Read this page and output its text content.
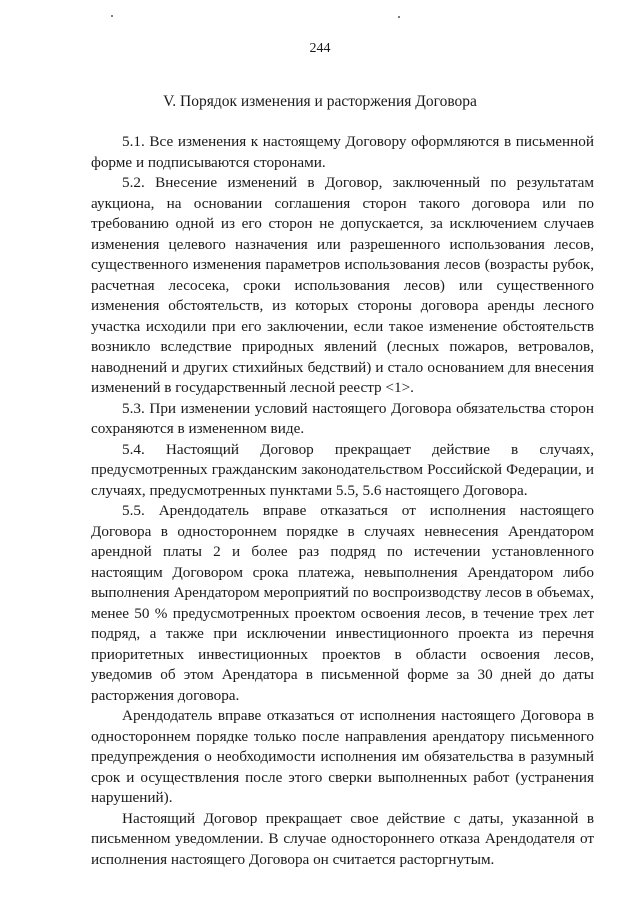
244
V. Порядок изменения и расторжения Договора

5.1. Все изменения к настоящему Договору оформляются в письменной форме и подписываются сторонами.

5.2. Внесение изменений в Договор, заключенный по результатам аукциона, на основании соглашения сторон такого договора или по требованию одной из его сторон не допускается, за исключением случаев изменения целевого назначения или разрешенного использования лесов, существенного изменения параметров использования лесов (возрасты рубок, расчетная лесосека, сроки использования лесов) или существенного изменения обстоятельств, из которых стороны договора аренды лесного участка исходили при его заключении, если такое изменение обстоятельств возникло вследствие природных явлений (лесных пожаров, ветровалов, наводнений и других стихийных бедствий) и стало основанием для внесения изменений в государственный лесной реестр <1>.

5.3. При изменении условий настоящего Договора обязательства сторон сохраняются в измененном виде.

5.4. Настоящий Договор прекращает действие в случаях, предусмотренных гражданским законодательством Российской Федерации, и случаях, предусмотренных пунктами 5.5, 5.6 настоящего Договора.

5.5. Арендодатель вправе отказаться от исполнения настоящего Договора в одностороннем порядке в случаях невнесения Арендатором арендной платы 2 и более раз подряд по истечении установленного настоящим Договором срока платежа, невыполнения Арендатором либо выполнения Арендатором мероприятий по воспроизводству лесов в объемах, менее 50 % предусмотренных проектом освоения лесов, в течение трех лет подряд, а также при исключении инвестиционного проекта из перечня приоритетных инвестиционных проектов в области освоения лесов, уведомив об этом Арендатора в письменной форме за 30 дней до даты расторжения договора.

Арендодатель вправе отказаться от исполнения настоящего Договора в одностороннем порядке только после направления арендатору письменного предупреждения о необходимости исполнения им обязательства в разумный срок и осуществления после этого сверки выполненных работ (устранения нарушений).

Настоящий Договор прекращает свое действие с даты, указанной в письменном уведомлении. В случае одностороннего отказа Арендодателя от исполнения настоящего Договора он считается расторгнутым.
